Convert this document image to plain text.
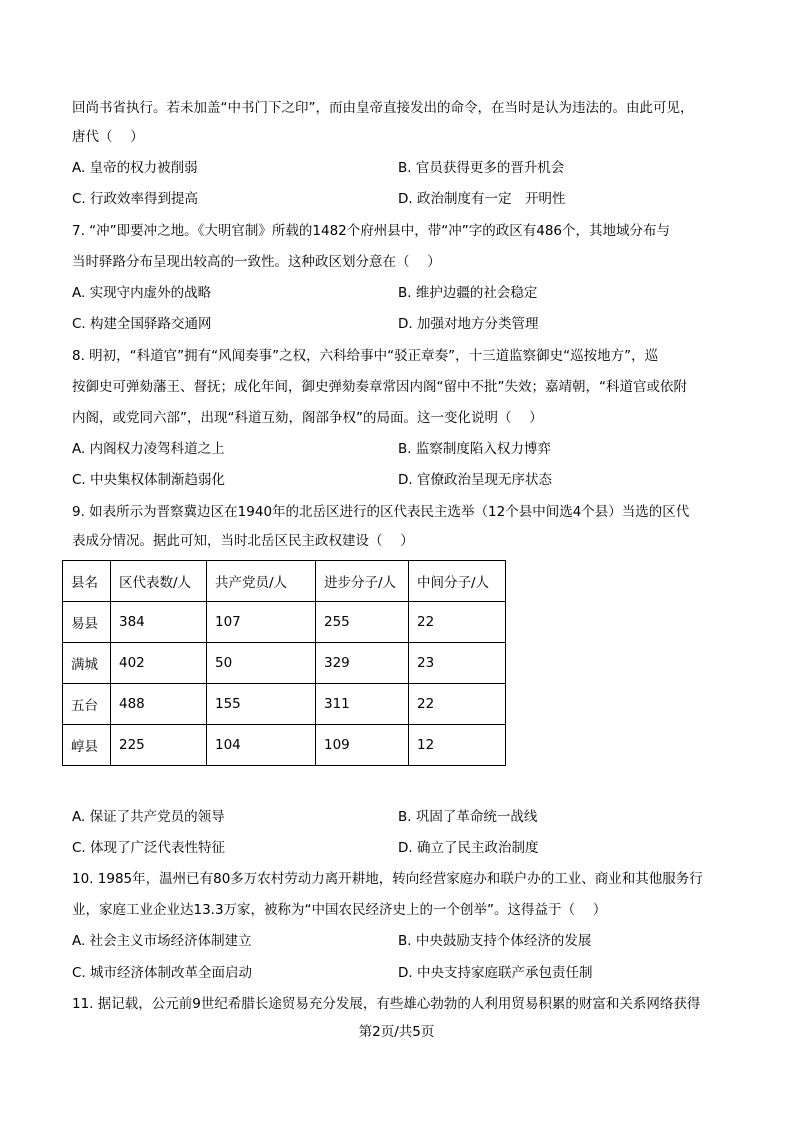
回尚书省执行。若未加盖“中书门下之印”，而由皇帝直接发出的命令，在当时是认为违法的。由此可见，
唐代（　 ）
A. 皇帝的权力被削弱	B. 官员获得更多的晋升机会
C. 行政效率得到提高	D. 政治制度有一定　开明性
7. “冲”即要冲之地。《大明官制》所载的1482个府州县中，带“冲”字的政区有486个，其地域分布与
当时驿路分布呈现出较高的一致性。这种政区划分意在（　 ）
A. 实现守内虚外的战略	B. 维护边疆的社会稳定
C. 构建全国驿路交通网	D. 加强对地方分类管理
8. 明初，“科道官”拥有“风闻奏事”之权，六科给事中“驳正章奏”，十三道监察御史“巡按地方”，巡
按御史可弹劾藩王、督抚；成化年间，御史弹劾奏章常因内阁“留中不批”失效；嘉靖朝，“科道官或依附
内阁，或党同六部”，出现“科道互劾，阁部争权”的局面。这一变化说明（　 ）
A. 内阁权力凌驾科道之上	B. 监察制度陷入权力博弈
C. 中央集权体制渐趋弱化	D. 官僚政治呈现无序状态
9. 如表所示为晋察冀边区在1940年的北岳区进行的区代表民主选举（12个县中间选4个县）当选的区代
表成分情况。据此可知，当时北岳区民主政权建设（　 ）
县名	区代表数/人	共产党员/人	进步分子/人	中间分子/人
易县	384	107	255	22
满城	402	50	329	23
五台	488	155	311	22
崞县	225	104	109	12
A. 保证了共产党员的领导	B. 巩固了革命统一战线
C. 体现了广泛代表性特征	D. 确立了民主政治制度
10. 1985年，温州已有80多万农村劳动力离开耕地，转向经营家庭办和联户办的工业、商业和其他服务行
业，家庭工业企业达13.3万家，被称为“中国农民经济史上的一个创举”。这得益于（　 ）
A. 社会主义市场经济体制建立	B. 中央鼓励支持个体经济的发展
C. 城市经济体制改革全面启动	D. 中央支持家庭联产承包责任制
11. 据记载，公元前9世纪希腊长途贸易充分发展，有些雄心勃勃的人利用贸易积累的财富和关系网络获得
第2页/共5页
